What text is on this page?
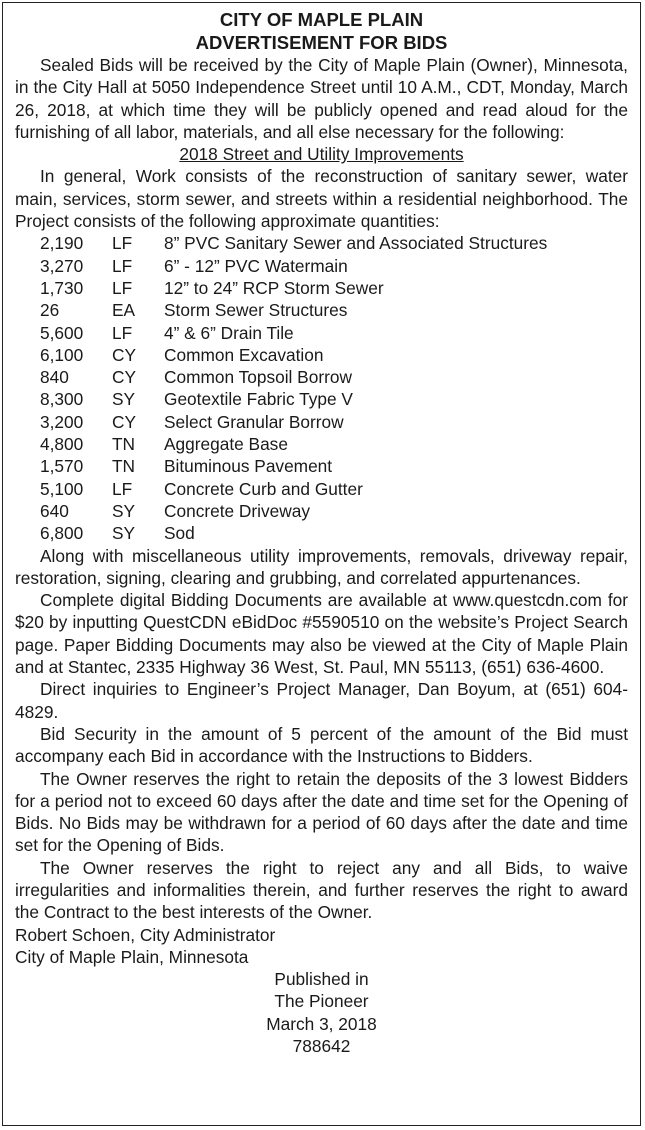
CITY OF MAPLE PLAIN
ADVERTISEMENT FOR BIDS

Sealed Bids will be received by the City of Maple Plain (Owner), Minnesota, in the City Hall at 5050 Independence Street until 10 A.M., CDT, Monday, March 26, 2018, at which time they will be publicly opened and read aloud for the furnishing of all labor, materials, and all else necessary for the following:

2018 Street and Utility Improvements

In general, Work consists of the reconstruction of sanitary sewer, water main, services, storm sewer, and streets within a residential neighborhood. The Project consists of the following approximate quantities:

2,190	LF	8” PVC Sanitary Sewer and Associated Structures
3,270	LF	6” - 12” PVC Watermain
1,730	LF	12” to 24” RCP Storm Sewer
26	EA	Storm Sewer Structures
5,600	LF	4” & 6” Drain Tile
6,100	CY	Common Excavation
840	CY	Common Topsoil Borrow
8,300	SY	Geotextile Fabric Type V
3,200	CY	Select Granular Borrow
4,800	TN	Aggregate Base
1,570	TN	Bituminous Pavement
5,100	LF	Concrete Curb and Gutter
640	SY	Concrete Driveway
6,800	SY	Sod

Along with miscellaneous utility improvements, removals, driveway repair, restoration, signing, clearing and grubbing, and correlated appurtenances.

Complete digital Bidding Documents are available at www.questcdn.com for $20 by inputting QuestCDN eBidDoc #5590510 on the website’s Project Search page. Paper Bidding Documents may also be viewed at the City of Maple Plain and at Stantec, 2335 Highway 36 West, St. Paul, MN 55113, (651) 636-4600.

Direct inquiries to Engineer’s Project Manager, Dan Boyum, at (651) 604-4829.

Bid Security in the amount of 5 percent of the amount of the Bid must accompany each Bid in accordance with the Instructions to Bidders.

The Owner reserves the right to retain the deposits of the 3 lowest Bidders for a period not to exceed 60 days after the date and time set for the Opening of Bids. No Bids may be withdrawn for a period of 60 days after the date and time set for the Opening of Bids.

The Owner reserves the right to reject any and all Bids, to waive irregularities and informalities therein, and further reserves the right to award the Contract to the best interests of the Owner.

Robert Schoen, City Administrator

City of Maple Plain, Minnesota

Published in
The Pioneer
March 3, 2018
788642
